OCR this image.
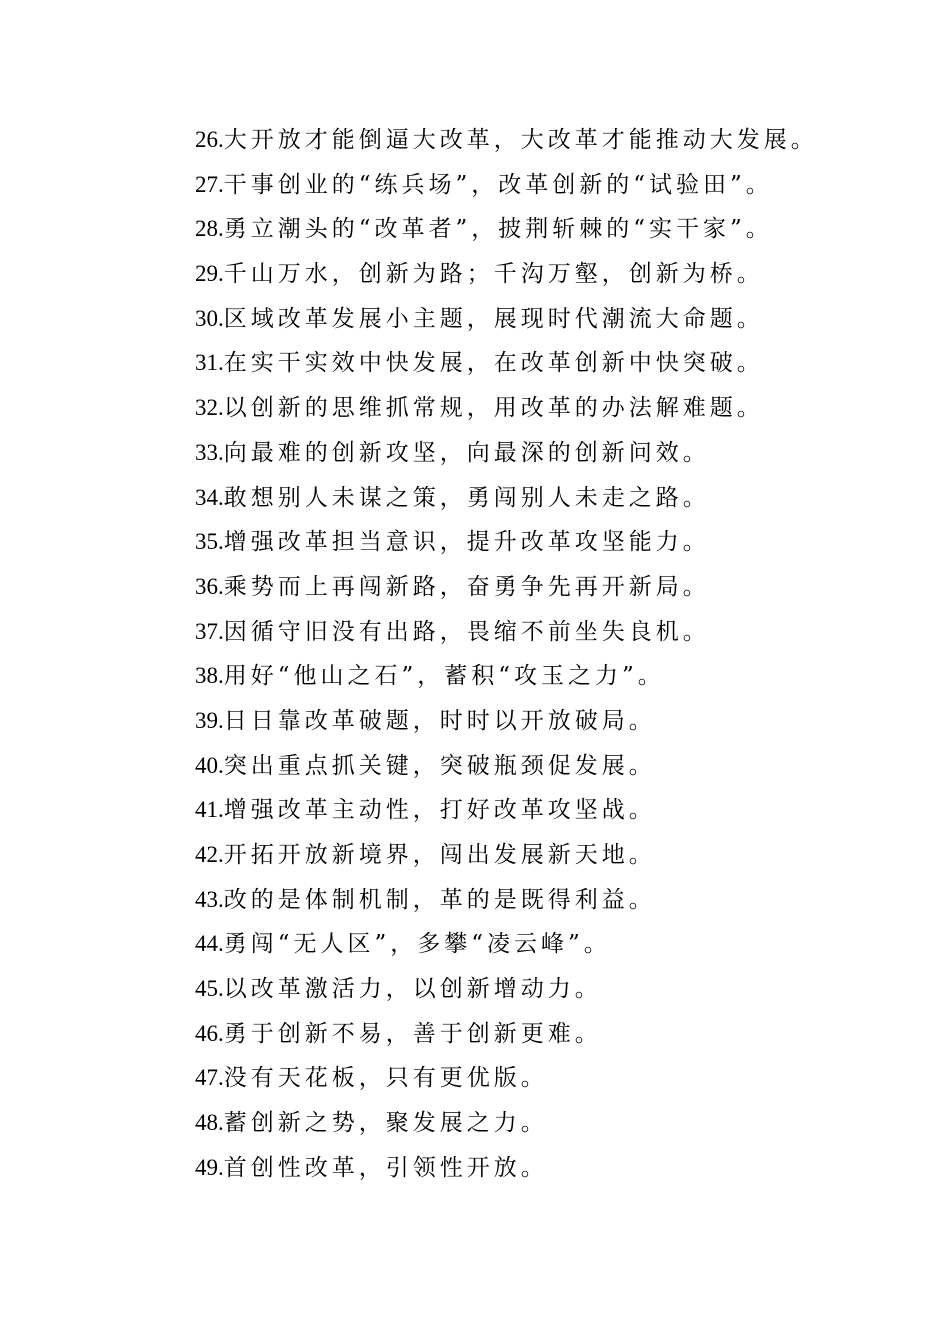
26.大开放才能倒逼大改革，大改革才能推动大发展。
27.干事创业的“练兵场”，改革创新的“试验田”。
28.勇立潮头的“改革者”，披荆斩棘的“实干家”。
29.千山万水，创新为路；千沟万壑，创新为桥。
30.区域改革发展小主题，展现时代潮流大命题。
31.在实干实效中快发展，在改革创新中快突破。
32.以创新的思维抓常规，用改革的办法解难题。
33.向最难的创新攻坚，向最深的创新问效。
34.敢想别人未谋之策，勇闯别人未走之路。
35.增强改革担当意识，提升改革攻坚能力。
36.乘势而上再闯新路，奋勇争先再开新局。
37.因循守旧没有出路，畏缩不前坐失良机。
38.用好“他山之石”，蓄积“攻玉之力”。
39.日日靠改革破题，时时以开放破局。
40.突出重点抓关键，突破瓶颈促发展。
41.增强改革主动性，打好改革攻坚战。
42.开拓开放新境界，闯出发展新天地。
43.改的是体制机制，革的是既得利益。
44.勇闯“无人区”，多攀“凌云峰”。
45.以改革激活力，以创新增动力。
46.勇于创新不易，善于创新更难。
47.没有天花板，只有更优版。
48.蓄创新之势，聚发展之力。
49.首创性改革，引领性开放。
